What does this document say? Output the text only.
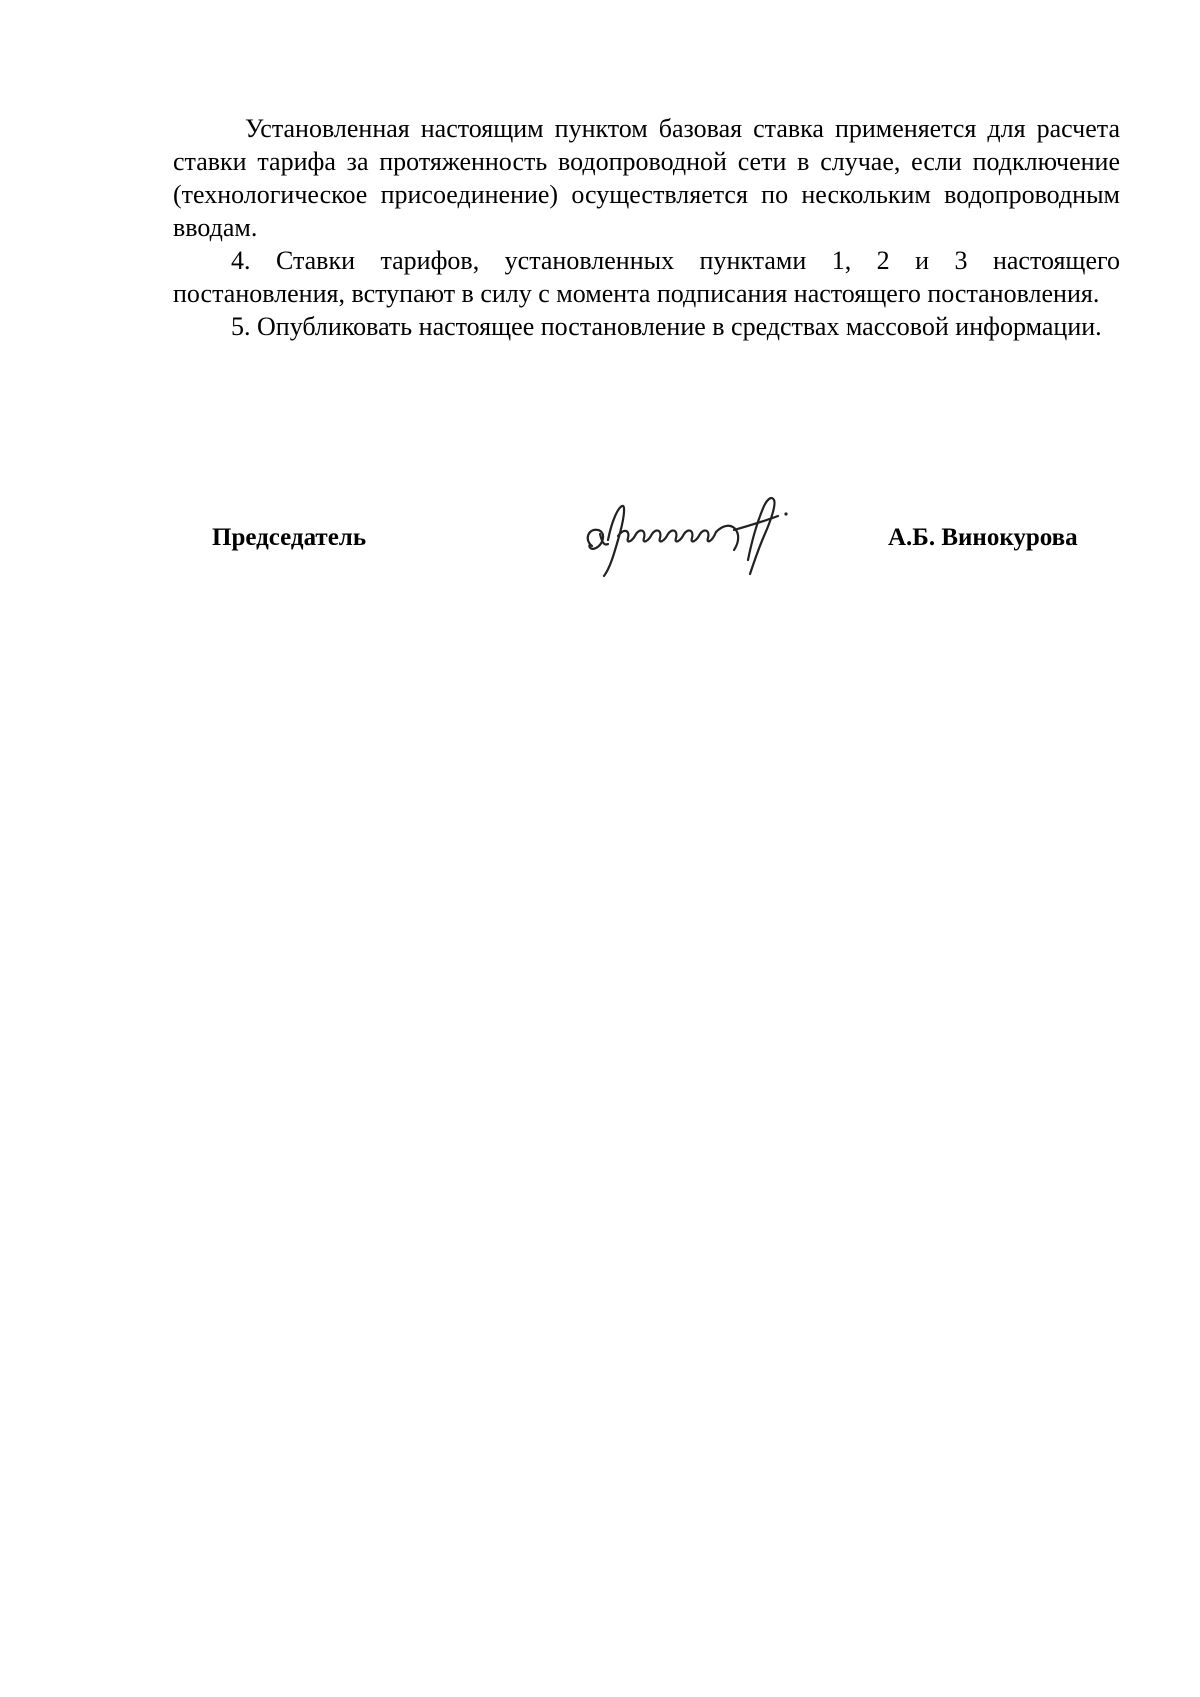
Установленная настоящим пунктом базовая ставка применяется для расчета ставки тарифа за протяженность водопроводной сети в случае, если подключение (технологическое присоединение) осуществляется по нескольким водопроводным вводам.

4. Ставки тарифов, установленных пунктами 1, 2 и 3 настоящего постановления, вступают в силу с момента подписания настоящего постановления.

5. Опубликовать настоящее постановление в средствах массовой информации.

Председатель	А.Б. Винокурова
